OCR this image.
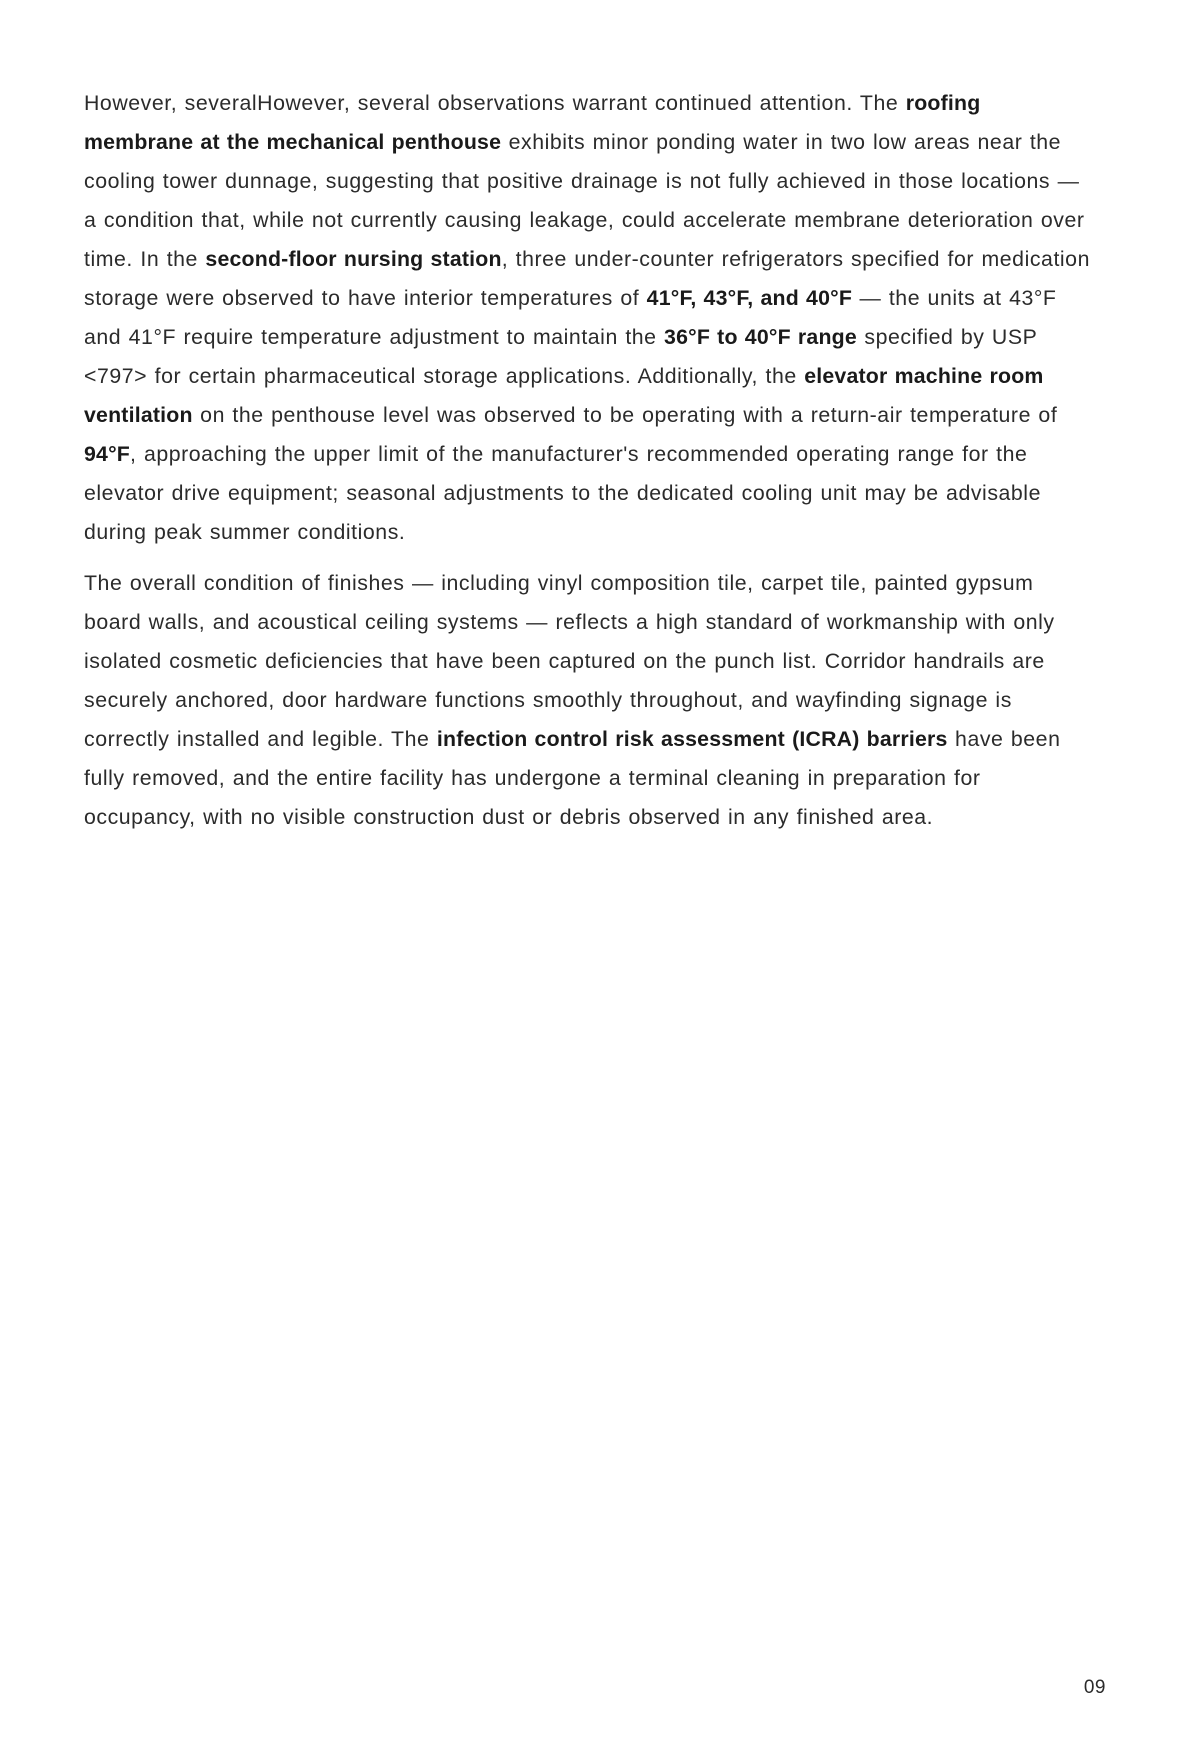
However, severalHowever, several observations warrant continued attention. The roofing membrane at the mechanical penthouse exhibits minor ponding water in two low areas near the cooling tower dunnage, suggesting that positive drainage is not fully achieved in those locations — a condition that, while not currently causing leakage, could accelerate membrane deterioration over time. In the second-floor nursing station, three under-counter refrigerators specified for medication storage were observed to have interior temperatures of 41°F, 43°F, and 40°F — the units at 43°F and 41°F require temperature adjustment to maintain the 36°F to 40°F range specified by USP <797> for certain pharmaceutical storage applications. Additionally, the elevator machine room ventilation on the penthouse level was observed to be operating with a return-air temperature of 94°F, approaching the upper limit of the manufacturer's recommended operating range for the elevator drive equipment; seasonal adjustments to the dedicated cooling unit may be advisable during peak summer conditions.

The overall condition of finishes — including vinyl composition tile, carpet tile, painted gypsum board walls, and acoustical ceiling systems — reflects a high standard of workmanship with only isolated cosmetic deficiencies that have been captured on the punch list. Corridor handrails are securely anchored, door hardware functions smoothly throughout, and wayfinding signage is correctly installed and legible. The infection control risk assessment (ICRA) barriers have been fully removed, and the entire facility has undergone a terminal cleaning in preparation for occupancy, with no visible construction dust or debris observed in any finished area.

09
